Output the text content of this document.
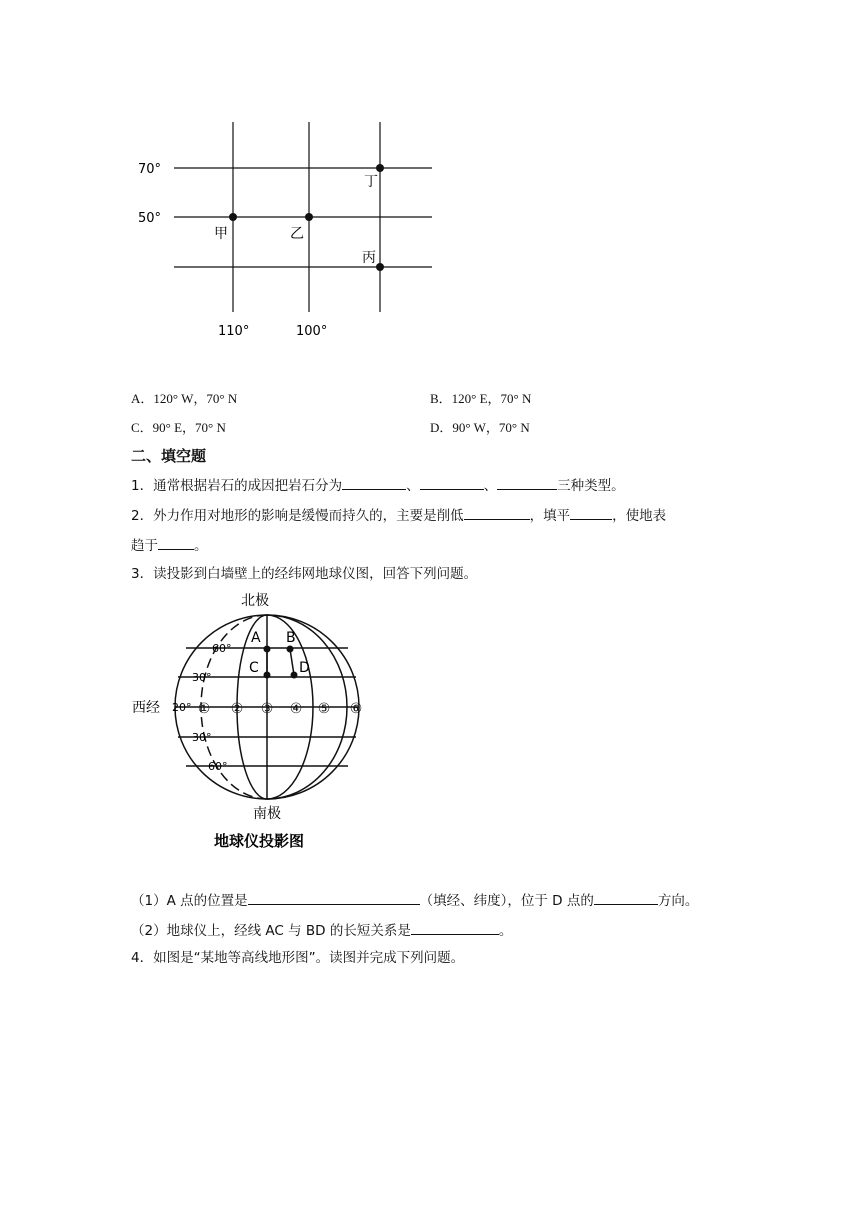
70°
50°
110°	100°
甲	乙
丙
丁
A．120° W，70° N	B．120° E，70° N
C．90° E，70° N	D．90° W，70° N
二、填空题
1．通常根据岩石的成因把岩石分为	、	、	三种类型。
2．外力作用对地形的影响是缓慢而持久的，主要是削低	，填平	，使地表
趋于	。
3．读投影到白墙壁上的经纬网地球仪图，回答下列问题。
北极
A B
C	D
60°
30°
20°
30°
60°
西经	① ② ③ ④ ⑤ ⑥
南极
地球仪投影图
（1）A 点的位置是	（填经、纬度），位于 D 点的	方向。
（2）地球仪上，经线 AC 与 BD 的长短关系是	。
4．如图是“某地等高线地形图”。读图并完成下列问题。
